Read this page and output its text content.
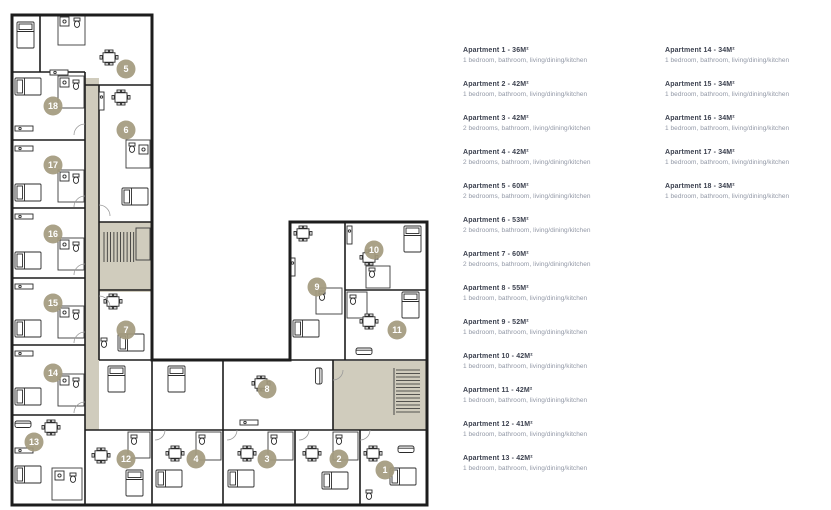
1
2
3
4
5
6
7
8
9
10
11
12
13
14
15
16
17
18
Apartment 1 - 36M²
1 bedroom, bathroom, living/dining/kitchen
Apartment 2 - 42M²
1 bedroom, bathroom, living/dining/kitchen
Apartment 3 - 42M²
2 bedrooms, bathroom, living/dining/kitchen
Apartment 4 - 42M²
2 bedrooms, bathroom, living/dining/kitchen
Apartment 5 - 60M²
2 bedrooms, bathroom, living/dining/kitchen
Apartment 6 - 53M²
2 bedrooms, bathroom, living/dining/kitchen
Apartment 7 - 60M²
2 bedrooms, bathroom, living/dining/kitchen
Apartment 8 - 55M²
1 bedroom, bathroom, living/dining/kitchen
Apartment 9 - 52M²
1 bedroom, bathroom, living/dining/kitchen
Apartment 10 - 42M²
1 bedroom, bathroom, living/dining/kitchen
Apartment 11 - 42M²
1 bedroom, bathroom, living/dining/kitchen
Apartment 12 - 41M²
1 bedroom, bathroom, living/dining/kitchen
Apartment 13 - 42M²
1 bedroom, bathroom, living/dining/kitchen
Apartment 14 - 34M²
1 bedroom, bathroom, living/dining/kitchen
Apartment 15 - 34M²
1 bedroom, bathroom, living/dining/kitchen
Apartment 16 - 34M²
1 bedroom, bathroom, living/dining/kitchen
Apartment 17 - 34M²
1 bedroom, bathroom, living/dining/kitchen
Apartment 18 - 34M²
1 bedroom, bathroom, living/dining/kitchen
